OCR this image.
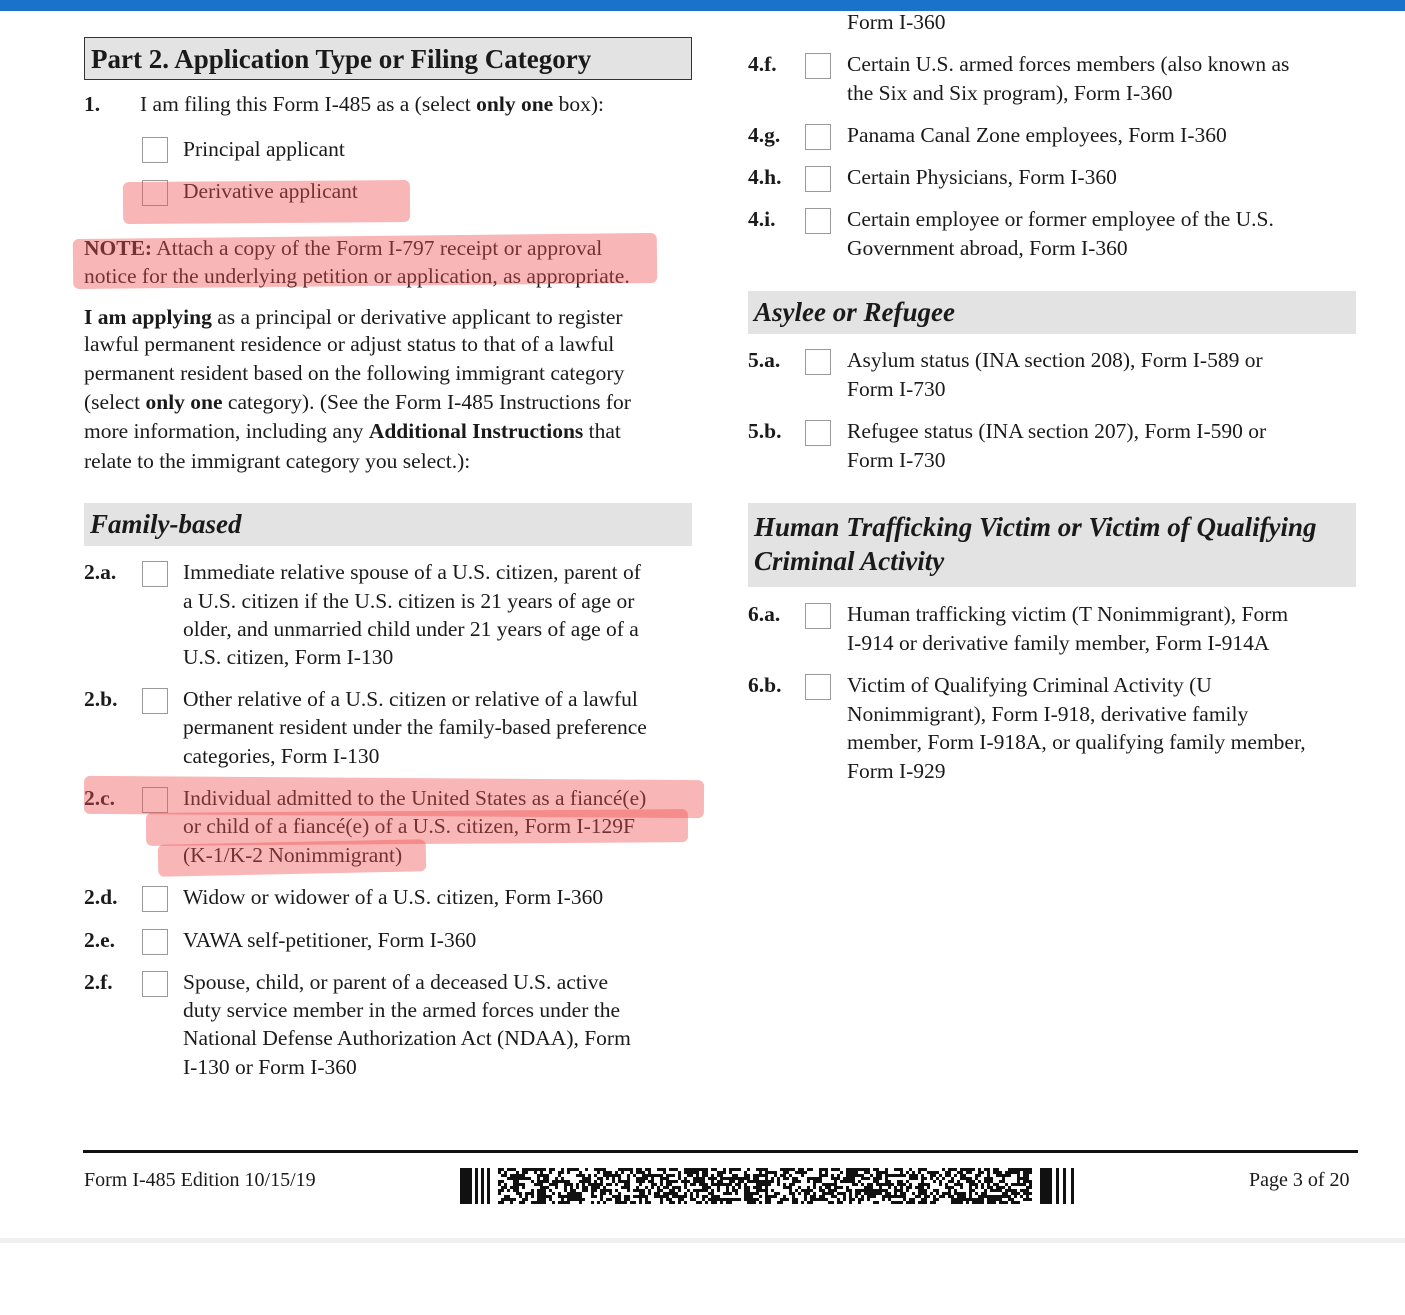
Part 2. Application Type or Filing Category
1. I am filing this Form I-485 as a (select only one box):
Principal applicant
Derivative applicant
NOTE: Attach a copy of the Form I-797 receipt or approval
notice for the underlying petition or application, as appropriate.
I am applying as a principal or derivative applicant to register
lawful permanent residence or adjust status to that of a lawful
permanent resident based on the following immigrant category
(select only one category). (See the Form I-485 Instructions for
more information, including any Additional Instructions that
relate to the immigrant category you select.):
Family-based
2.a.	Immediate relative spouse of a U.S. citizen, parent of
a U.S. citizen if the U.S. citizen is 21 years of age or
older, and unmarried child under 21 years of age of a
U.S. citizen, Form I-130
2.b.	Other relative of a U.S. citizen or relative of a lawful
permanent resident under the family-based preference
categories, Form I-130
2.c.	Individual admitted to the United States as a fiancé(e)
or child of a fiancé(e) of a U.S. citizen, Form I-129F
(K-1/K-2 Nonimmigrant)
2.d.	Widow or widower of a U.S. citizen, Form I-360
2.e.	VAWA self-petitioner, Form I-360
2.f.	Spouse, child, or parent of a deceased U.S. active
duty service member in the armed forces under the
National Defense Authorization Act (NDAA), Form
I-130 or Form I-360
Form I-360
4.f.	Certain U.S. armed forces members (also known as
the Six and Six program), Form I-360
4.g.	Panama Canal Zone employees, Form I-360
4.h.	Certain Physicians, Form I-360
4.i.	Certain employee or former employee of the U.S.
Government abroad, Form I-360
Asylee or Refugee
5.a.	Asylum status (INA section 208), Form I-589 or
Form I-730
5.b.	Refugee status (INA section 207), Form I-590 or
Form I-730
Human Trafficking Victim or Victim of Qualifying
Criminal Activity
6.a.	Human trafficking victim (T Nonimmigrant), Form
I-914 or derivative family member, Form I-914A
6.b.	Victim of Qualifying Criminal Activity (U
Nonimmigrant), Form I-918, derivative family
member, Form I-918A, or qualifying family member,
Form I-929
Form I-485 Edition 10/15/19	Page 3 of 20
